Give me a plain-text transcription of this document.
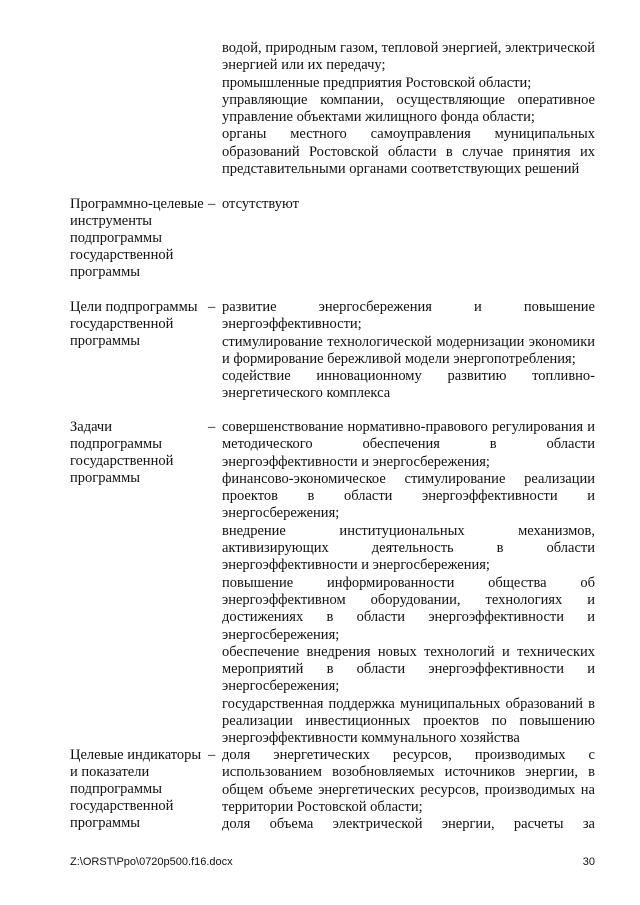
водой, природным газом, тепловой энергией, электрической энергией или их передачу;

промышленные предприятия Ростовской области;

управляющие компании, осуществляющие оперативное управление объектами жилищного фонда области;

органы местного самоуправления муниципальных образований Ростовской области в случае принятия их представительными органами соответствующих решений

Программно-целевые инструменты подпрограммы государственной программы
– отсутствуют

Цели подпрограммы государственной программы
– развитие энергосбережения и повышение энергоэффективности;

стимулирование технологической модернизации экономики и формирование бережливой модели энергопотребления;

содействие инновационному развитию топливно-энергетического комплекса

Задачи подпрограммы государственной программы
– совершенствование нормативно-правового регулирования и методического обеспечения в области энергоэффективности и энергосбережения;

финансово-экономическое стимулирование реализации проектов в области энергоэффективности и энергосбережения;

внедрение институциональных механизмов, активизирующих деятельность в области энергоэффективности и энергосбережения;

повышение информированности общества об энергоэффективном оборудовании, технологиях и достижениях в области энергоэффективности и энергосбережения;

обеспечение внедрения новых технологий и технических мероприятий в области энергоэффективности и энергосбережения;

государственная поддержка муниципальных образований в реализации инвестиционных проектов по повышению энергоэффективности коммунального хозяйства

Целевые индикаторы и показатели подпрограммы государственной программы
– доля энергетических ресурсов, производимых с использованием возобновляемых источников энергии, в общем объеме энергетических ресурсов, производимых на территории Ростовской области;

доля объема электрической энергии, расчеты за

Z:\ORST\Ppo\0720p500.f16.docx	30
